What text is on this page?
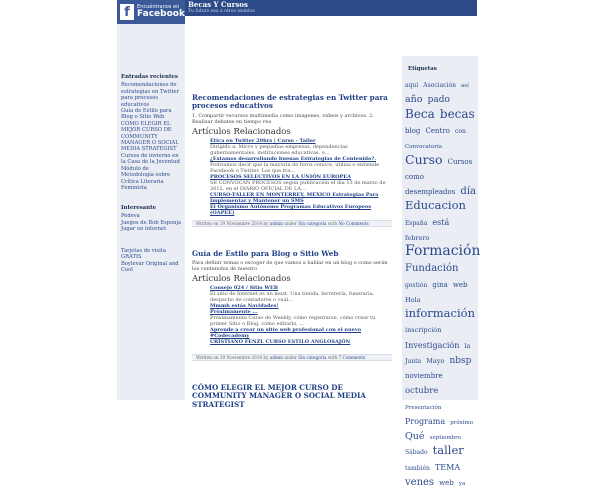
f	Encuéntranos en
Facebook
Becas Y Cursos
Tu futuro esa a otros asuntos
Entradas recientes
Recomendaciones de estrategias en Twitter para procesos educativos
Guía de Estilo para Blog o Sitio Web
CÓMO ELEGIR EL MEJOR CURSO DE COMMUNITY MANAGER O SOCIAL MEDIA STRATEGIST
Cursos de invierno en la Casa de la Juventud
Módulo de Metodología sobre Crítica Literaria Feminista
Interesante
Pedeva
Juegos de Bob Esponja
Jugar en internet
Tarjetas de visita GRATIS
Boylevar Original and Cool
Recomendaciones de estrategias en Twitter para procesos educativos
1. Compartir recursos multimedia como imágenes, videos y archivos. 2. Realizar debates en tiempo rea
Artículos Relacionados
Ética en Twitter 20hrs | Curso - Taller
Dirigido a: Micro y pequeñas empresas, dependencias gubernamentales, instituciones educativas, o...
¿Estamos desarrollando buenas Estrategias de Contenido?.
Podríamos decir que la mayoría de foros conoce, utiliza o entiende Facebook o Twitter. Los que tra...
PROCESOS SELECTIVOS EN LA UNIÓN EUROPEA
SE CONVOCAN PROCESOS según publicación el día 13 de marzo de 2012, en el DIARIO OFICIAL DE LA...
CURSO-TALLER EN MONTERREY, MÉXICO Estrategias Para Implementar y Mantener un SMS
El Organismo Autónomo Programas Educativos Europeos (OAPEE)
Written on 19 Noviembre 2014 by admin under Sin categoría with No Comments
Guía de Estilo para Blog o Sitio Web
Para definir temas o escoger de que vamos a hablar en un blog o como serán los contenidos de nuestro
Artículos Relacionados
Consejo 024 / Sitio WEB
El sitio de Internet es un must. Una tienda, ferretería, funeraria, despacho de contadores o cual...
Mmmh estás Navidades!
Próximamente ...
Próximamente Curso de Weebly, cómo registrarse, cómo crear tu primer Sitio o Blog, cómo editarlo, ...
Aprende a crear un sitio web profesional con el nuevo #Codecademy
CRISTIANO FENZL CURSO ESTILO ANGLOSAJÓN
Written on 19 Noviembre 2014 by admin under Sin categoría with 7 Comments
CÓMO ELEGIR EL MEJOR CURSO DE COMMUNITY MANAGER O SOCIAL MEDIA STRATEGIST
Etiquetas
aqui Asociación así año pado Beca becas blog Centro con Convocatoria Curso Cursos como desempleados día Educacion España está febrero Formación Fundación gestión gina web Hola información inscripción Investigación la Junta Mayo nbsp noviembre octubre Presentación Programa próximo Qué septiembre Sábado taller también TEMA venes web ya
